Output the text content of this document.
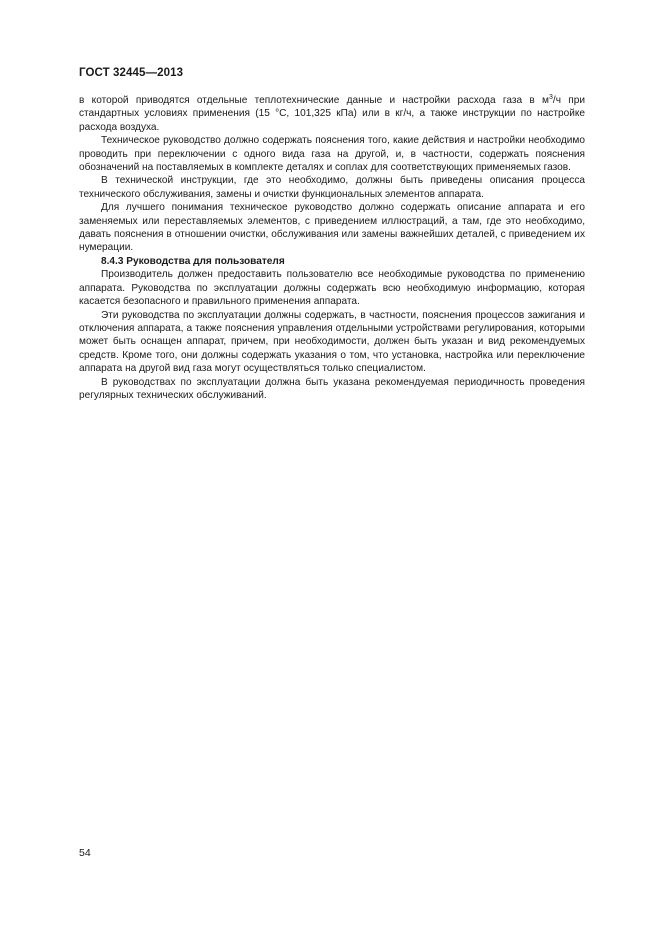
ГОСТ 32445—2013

в которой приводятся отдельные теплотехнические данные и настройки расхода газа в $м^3/ч$ при стандартных условиях применения (15 °С, 101,325 кПа) или в кг/ч, а также инструкции по настройке расхода воздуха.

Техническое руководство должно содержать пояснения того, какие действия и настройки необходимо проводить при переключении с одного вида газа на другой, и, в частности, содержать пояснения обозначений на поставляемых в комплекте деталях и соплах для соответствующих применяемых газов.

В технической инструкции, где это необходимо, должны быть приведены описания процесса технического обслуживания, замены и очистки функциональных элементов аппарата.

Для лучшего понимания техническое руководство должно содержать описание аппарата и его заменяемых или переставляемых элементов, с приведением иллюстраций, а там, где это необходимо, давать пояснения в отношении очистки, обслуживания или замены важнейших деталей, с приведением их нумерации.

8.4.3 Руководства для пользователя

Производитель должен предоставить пользователю все необходимые руководства по применению аппарата. Руководства по эксплуатации должны содержать всю необходимую информацию, которая касается безопасного и правильного применения аппарата.

Эти руководства по эксплуатации должны содержать, в частности, пояснения процессов зажигания и отключения аппарата, а также пояснения управления отдельными устройствами регулирования, которыми может быть оснащен аппарат, причем, при необходимости, должен быть указан и вид рекомендуемых средств. Кроме того, они должны содержать указания о том, что установка, настройка или переключение аппарата на другой вид газа могут осуществляться только специалистом.

В руководствах по эксплуатации должна быть указана рекомендуемая периодичность проведения регулярных технических обслуживаний.

54
